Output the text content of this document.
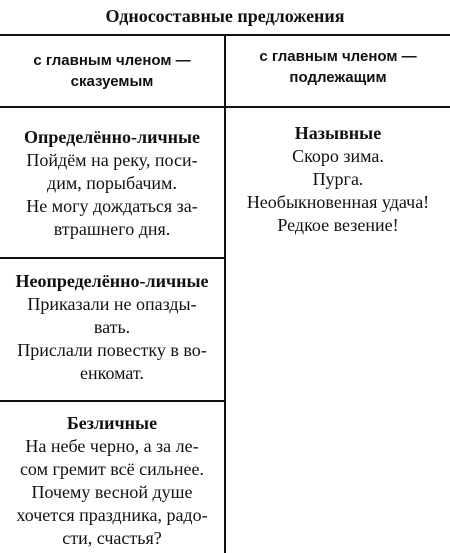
Односоставные предложения
с главным членом —
сказуемым
с главным членом —
подлежащим
Определённо-личные
Пойдём на реку, поси-
дим, порыбачим.
Не могу дождаться за-
втрашнего дня.
Неопределённо-личные
Приказали не опазды-
вать.
Прислали повестку в во-
енкомат.
Безличные
На небе черно, а за ле-
сом гремит всё сильнее.
Почему весной душе
хочется праздника, радо-
сти, счастья?
Назывные
Скоро зима.
Пурга.
Необыкновенная удача!
Редкое везение!
